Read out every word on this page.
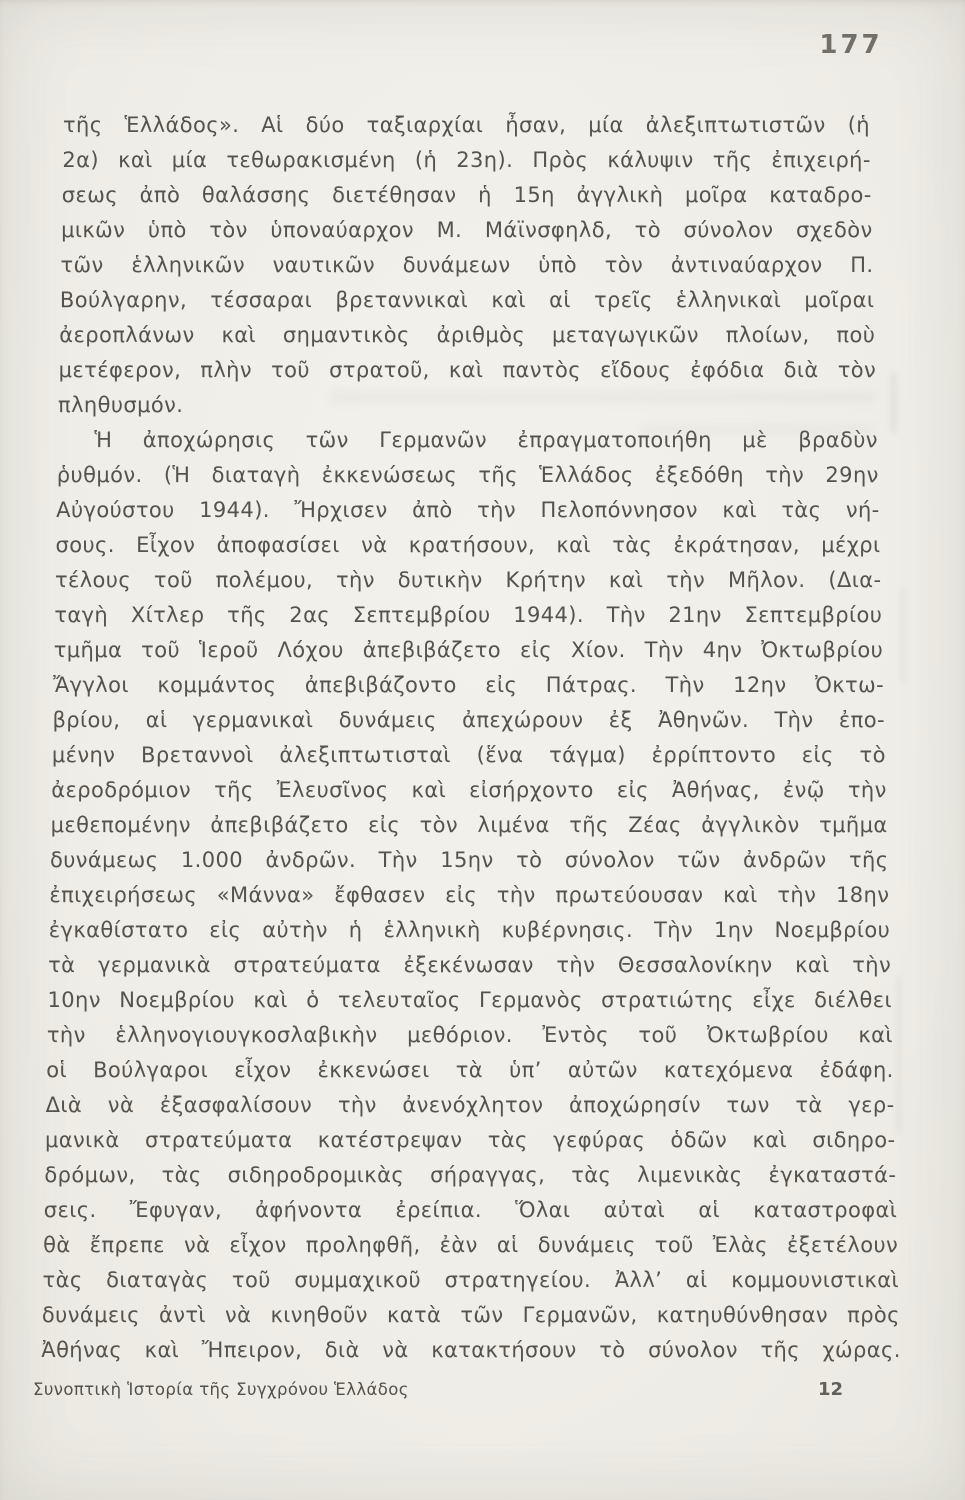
177
τῆς Ἑλλάδος». Αἱ δύο ταξιαρχίαι ἦσαν, μία ἀλεξιπτωτιστῶν (ἡ
2α) καὶ μία τεθωρακισμένη (ἡ 23η). Πρὸς κάλυψιν τῆς ἐπιχειρή-
σεως ἀπὸ θαλάσσης διετέθησαν ἡ 15η ἀγγλικὴ μοῖρα καταδρο-
μικῶν ὑπὸ τὸν ὑποναύαρχον Μ. Μάϊνσφηλδ, τὸ σύνολον σχεδὸν
τῶν ἑλληνικῶν ναυτικῶν δυνάμεων ὑπὸ τὸν ἀντιναύαρχον Π.
Βούλγαρην, τέσσαραι βρεταννικαὶ καὶ αἱ τρεῖς ἑλληνικαὶ μοῖραι
ἀεροπλάνων καὶ σημαντικὸς ἀριθμὸς μεταγωγικῶν πλοίων, ποὺ
μετέφερον, πλὴν τοῦ στρατοῦ, καὶ παντὸς εἴδους ἐφόδια διὰ τὸν
πληθυσμόν.
Ἡ ἀποχώρησις τῶν Γερμανῶν ἐπραγματοποιήθη μὲ βραδὺν
ῥυθμόν. (Ἡ διαταγὴ ἐκκενώσεως τῆς Ἑλλάδος ἐξεδόθη τὴν 29ην
Αὐγούστου 1944). Ἤρχισεν ἀπὸ τὴν Πελοπόννησον καὶ τὰς νή-
σους. Εἶχον ἀποφασίσει νὰ κρατήσουν, καὶ τὰς ἐκράτησαν, μέχρι
τέλους τοῦ πολέμου, τὴν δυτικὴν Κρήτην καὶ τὴν Μῆλον. (Δια-
ταγὴ Χίτλερ τῆς 2ας Σεπτεμβρίου 1944). Τὴν 21ην Σεπτεμβρίου
τμῆμα τοῦ Ἱεροῦ Λόχου ἀπεβιβάζετο εἰς Χίον. Τὴν 4ην Ὀκτωβρίου
Ἄγγλοι κομμάντος ἀπεβιβάζοντο εἰς Πάτρας. Τὴν 12ην Ὀκτω-
βρίου, αἱ γερμανικαὶ δυνάμεις ἀπεχώρουν ἐξ Ἀθηνῶν. Τὴν ἐπο-
μένην Βρεταννοὶ ἀλεξιπτωτισταὶ (ἕνα τάγμα) ἐρρίπτοντο εἰς τὸ
ἀεροδρόμιον τῆς Ἐλευσῖνος καὶ εἰσήρχοντο εἰς Ἀθήνας, ἐνῷ τὴν
μεθεπομένην ἀπεβιβάζετο εἰς τὸν λιμένα τῆς Ζέας ἀγγλικὸν τμῆμα
δυνάμεως 1.000 ἀνδρῶν. Τὴν 15ην τὸ σύνολον τῶν ἀνδρῶν τῆς
ἐπιχειρήσεως «Μάννα» ἔφθασεν εἰς τὴν πρωτεύουσαν καὶ τὴν 18ην
ἐγκαθίστατο εἰς αὐτὴν ἡ ἑλληνικὴ κυβέρνησις. Τὴν 1ην Νοεμβρίου
τὰ γερμανικὰ στρατεύματα ἐξεκένωσαν τὴν Θεσσαλονίκην καὶ τὴν
10ην Νοεμβρίου καὶ ὁ τελευταῖος Γερμανὸς στρατιώτης εἶχε διέλθει
τὴν ἑλληνογιουγκοσλαβικὴν μεθόριον. Ἐντὸς τοῦ Ὀκτωβρίου καὶ
οἱ Βούλγαροι εἶχον ἐκκενώσει τὰ ὑπ’ αὐτῶν κατεχόμενα ἐδάφη.
Διὰ νὰ ἐξασφαλίσουν τὴν ἀνενόχλητον ἀποχώρησίν των τὰ γερ-
μανικὰ στρατεύματα κατέστρεψαν τὰς γεφύρας ὁδῶν καὶ σιδηρο-
δρόμων, τὰς σιδηροδρομικὰς σήραγγας, τὰς λιμενικὰς ἐγκαταστά-
σεις. Ἔφυγαν, ἀφήνοντα ἐρείπια. Ὅλαι αὐταὶ αἱ καταστροφαὶ
θὰ ἔπρεπε νὰ εἶχον προληφθῆ, ἐὰν αἱ δυνάμεις τοῦ Ἐλὰς ἐξετέλουν
τὰς διαταγὰς τοῦ συμμαχικοῦ στρατηγείου. Ἀλλ’ αἱ κομμουνιστικαὶ
δυνάμεις ἀντὶ νὰ κινηθοῦν κατὰ τῶν Γερμανῶν, κατηυθύνθησαν πρὸς
Ἀθήνας καὶ Ἤπειρον, διὰ νὰ κατακτήσουν τὸ σύνολον τῆς χώρας.
Συνοπτικὴ Ἱστορία τῆς Συγχρόνου Ἑλλάδος	12
